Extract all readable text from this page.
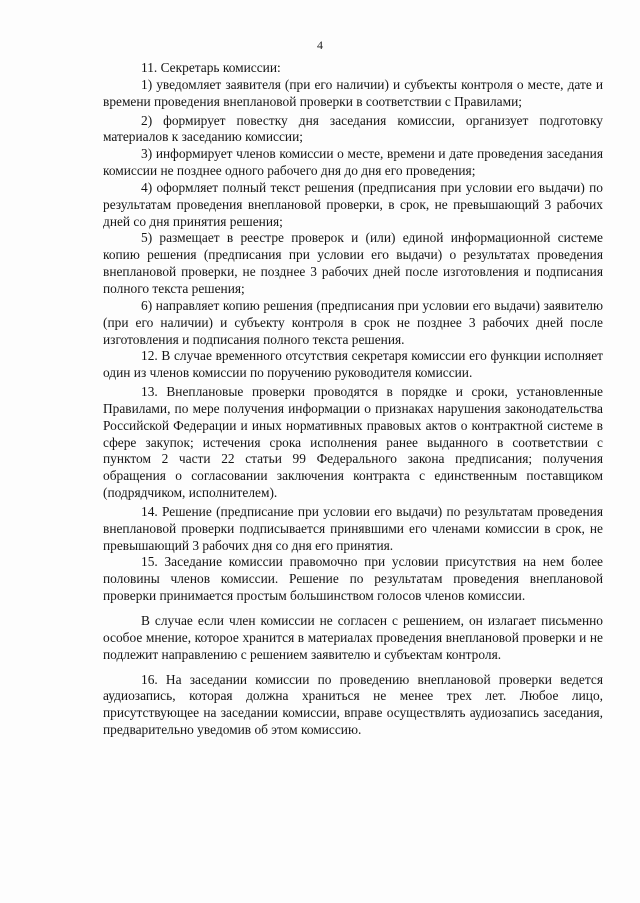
4

11. Секретарь комиссии:

1) уведомляет заявителя (при его наличии) и субъекты контроля о месте, дате и времени проведения внеплановой проверки в соответствии с Правилами;

2) формирует повестку дня заседания комиссии, организует подготовку материалов к заседанию комиссии;

3) информирует членов комиссии о месте, времени и дате проведения заседания комиссии не позднее одного рабочего дня до дня его проведения;

4) оформляет полный текст решения (предписания при условии его выдачи) по результатам проведения внеплановой проверки, в срок, не превышающий 3 рабочих дней со дня принятия решения;

5) размещает в реестре проверок и (или) единой информационной системе копию решения (предписания при условии его выдачи) о результатах проведения внеплановой проверки, не позднее 3 рабочих дней после изготовления и подписания полного текста решения;

6) направляет копию решения (предписания при условии его выдачи) заявителю (при его наличии) и субъекту контроля в срок не позднее 3 рабочих дней после изготовления и подписания полного текста решения.

12. В случае временного отсутствия секретаря комиссии его функции исполняет один из членов комиссии по поручению руководителя комиссии.

13. Внеплановые проверки проводятся в порядке и сроки, установленные Правилами, по мере получения информации о признаках нарушения законодательства Российской Федерации и иных нормативных правовых актов о контрактной системе в сфере закупок; истечения срока исполнения ранее выданного в соответствии с пунктом 2 части 22 статьи 99 Федерального закона предписания; получения обращения о согласовании заключения контракта с единственным поставщиком (подрядчиком, исполнителем).

14. Решение (предписание при условии его выдачи) по результатам проведения внеплановой проверки подписывается принявшими его членами комиссии в срок, не превышающий 3 рабочих дня со дня его принятия.

15. Заседание комиссии правомочно при условии присутствия на нем более половины членов комиссии. Решение по результатам проведения внеплановой проверки принимается простым большинством голосов членов комиссии.

В случае если член комиссии не согласен с решением, он излагает письменно особое мнение, которое хранится в материалах проведения внеплановой проверки и не подлежит направлению с решением заявителю и субъектам контроля.

16. На заседании комиссии по проведению внеплановой проверки ведется аудиозапись, которая должна храниться не менее трех лет. Любое лицо, присутствующее на заседании комиссии, вправе осуществлять аудиозапись заседания, предварительно уведомив об этом комиссию.
